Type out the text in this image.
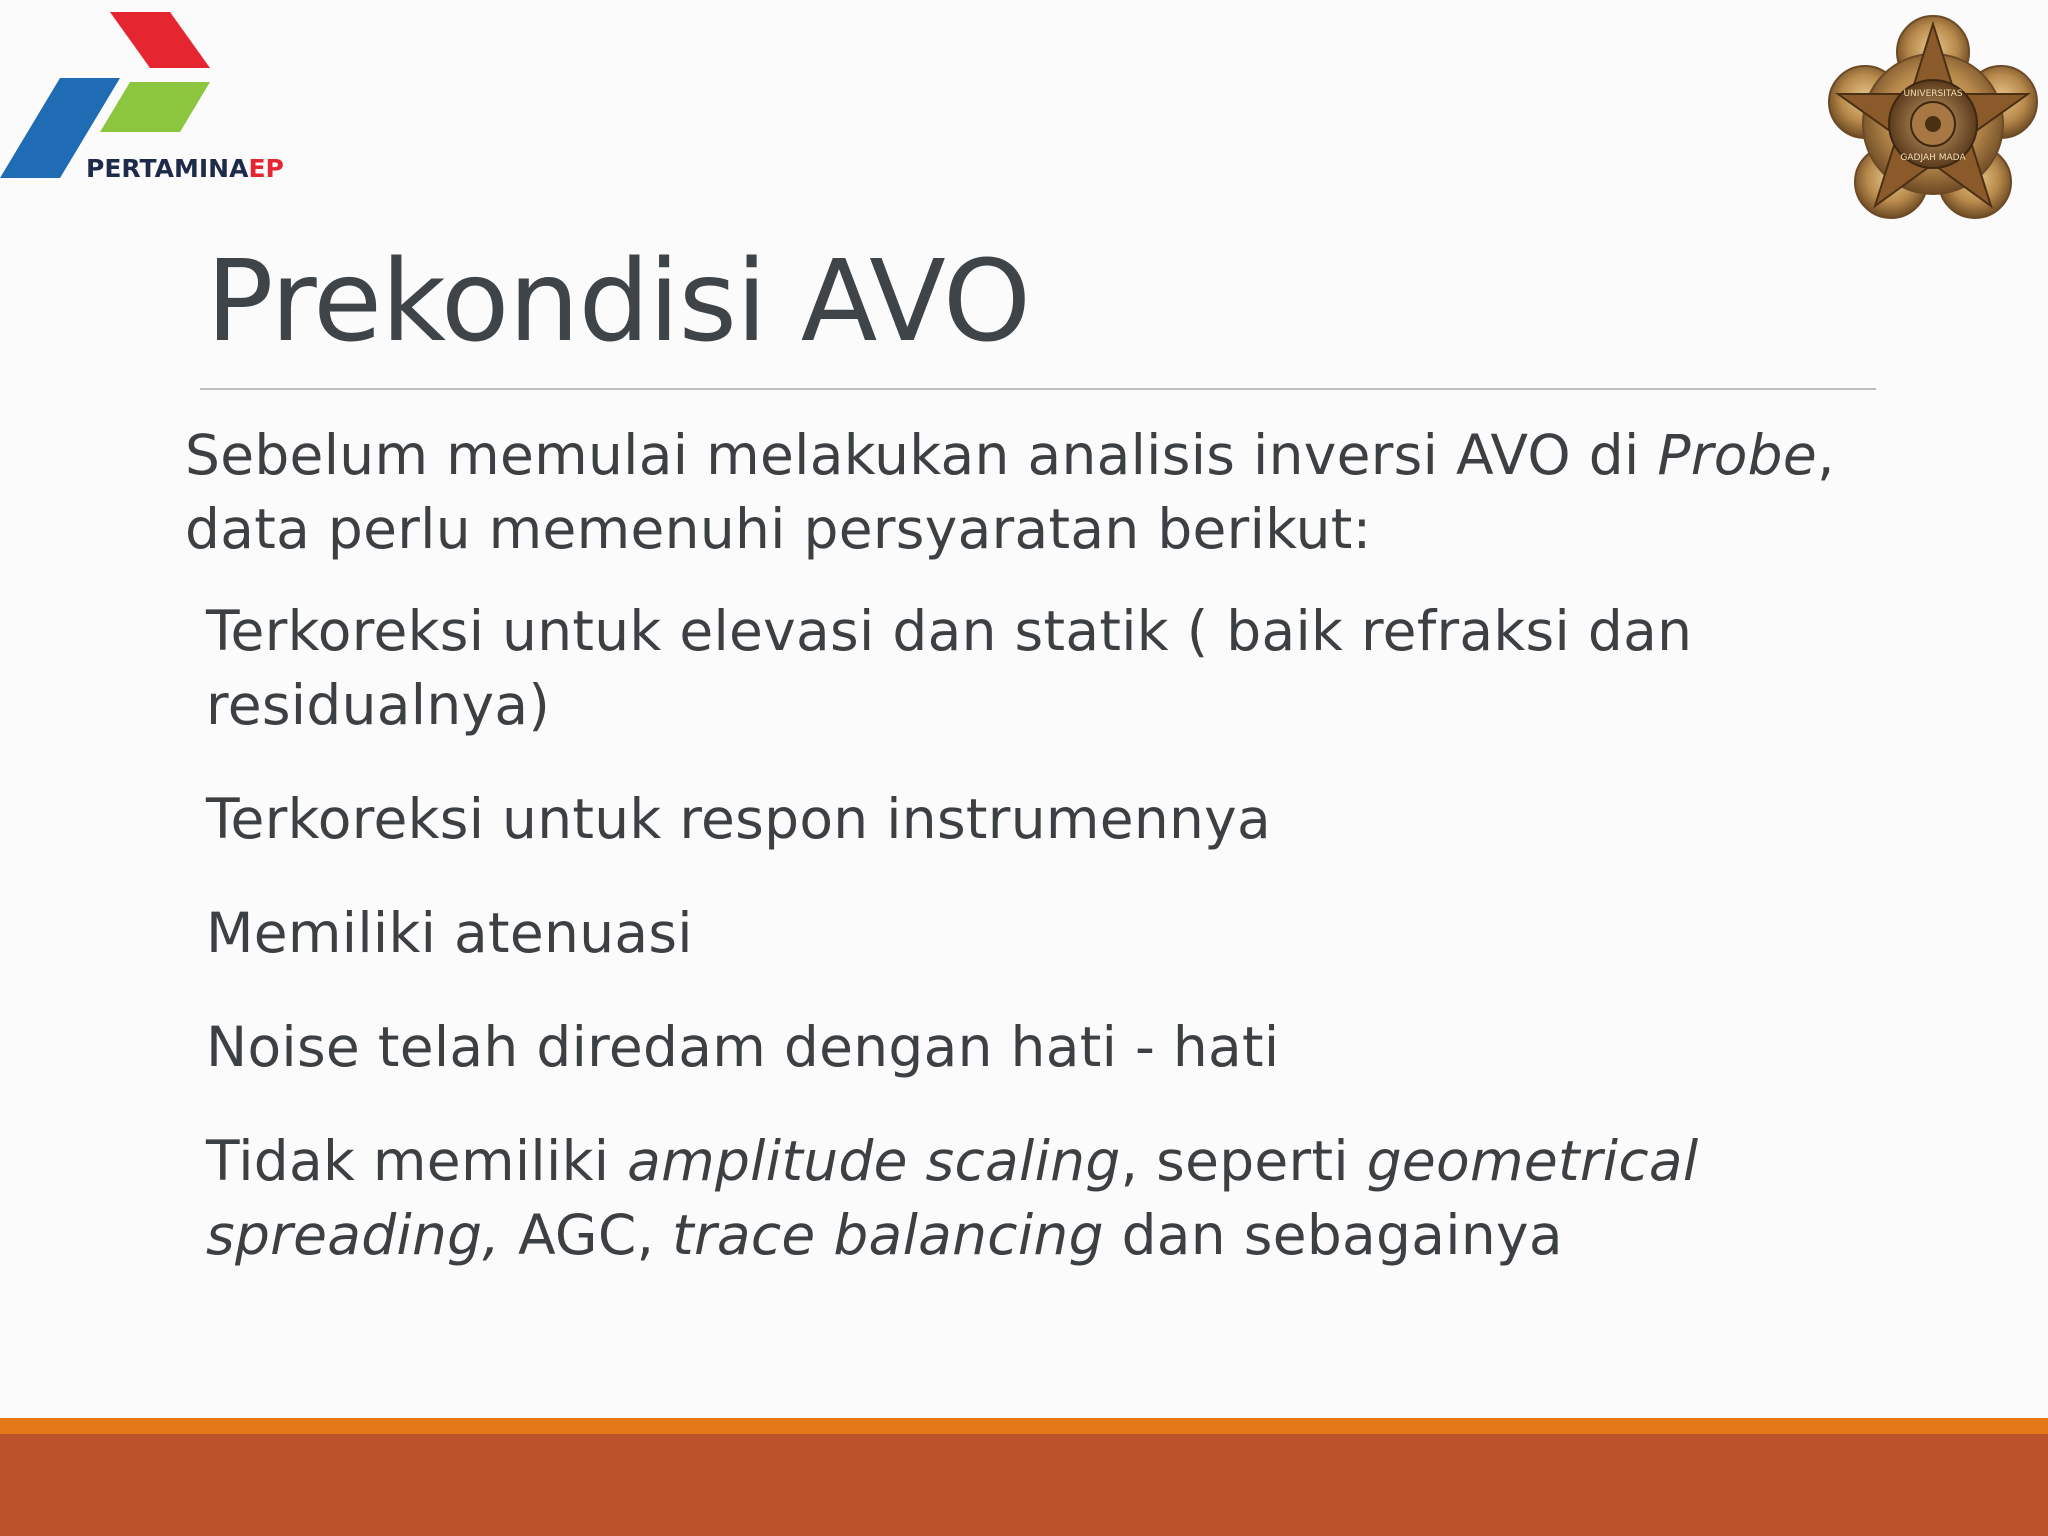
PERTAMINAEP
UNIVERSITAS
GADJAH MADA
Prekondisi AVO
Sebelum memulai melakukan analisis inversi AVO di Probe,
data perlu memenuhi persyaratan berikut:
Terkoreksi untuk elevasi dan statik ( baik refraksi dan residualnya)
Terkoreksi untuk respon instrumennya
Memiliki atenuasi
Noise telah diredam dengan hati - hati
Tidak memiliki amplitude scaling, seperti geometrical spreading, AGC, trace balancing dan sebagainya
